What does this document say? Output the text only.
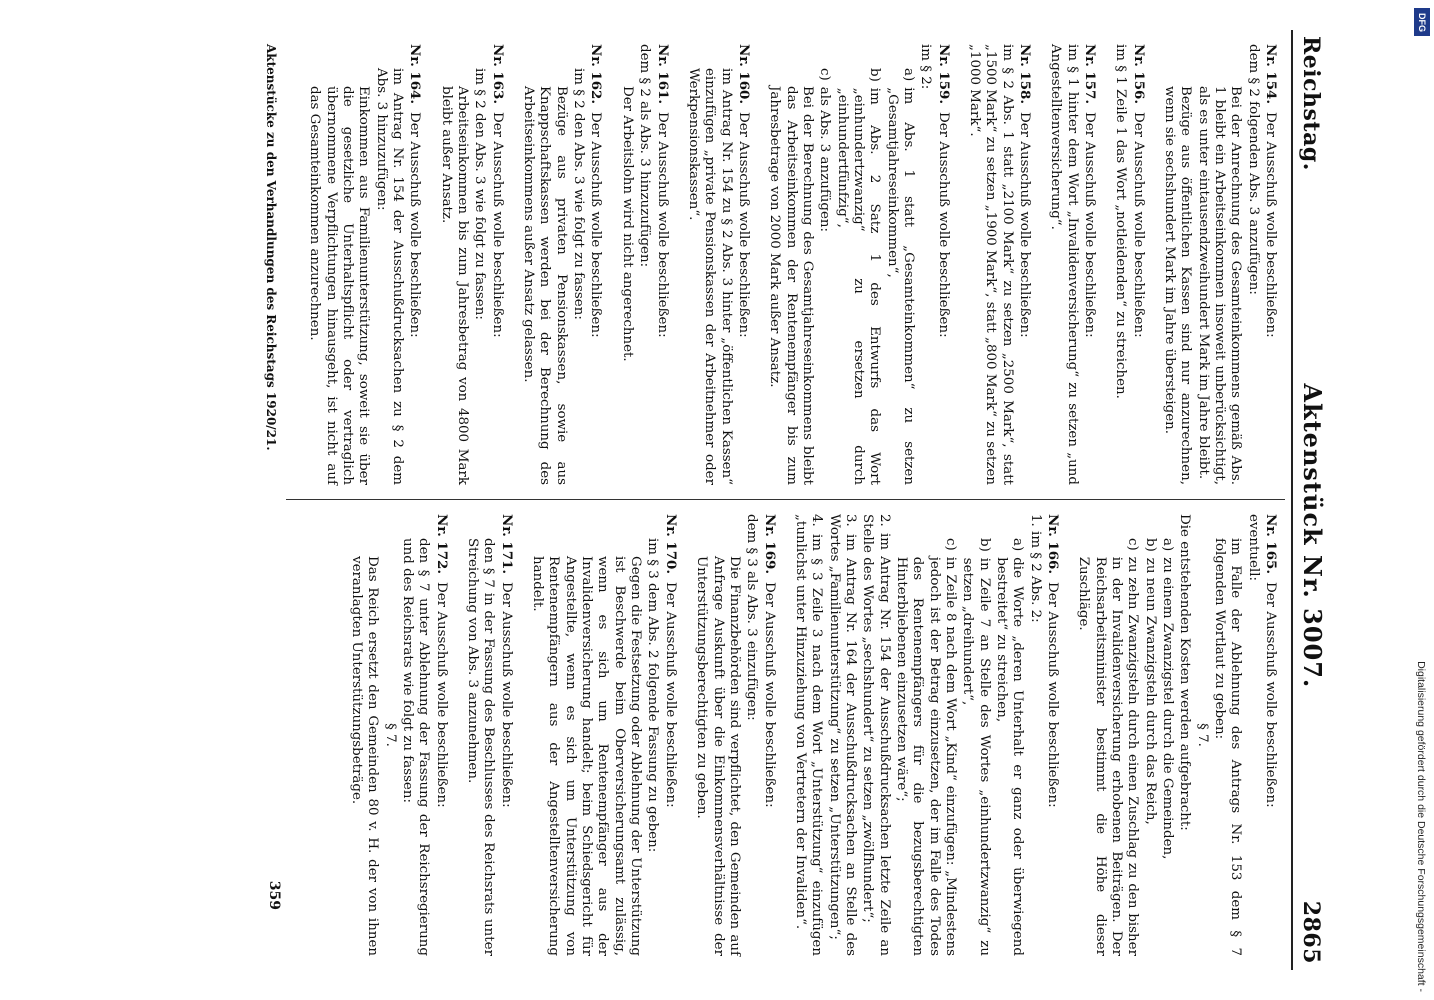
Reichstag.
Aktenstück Nr. 3007.
2865

Nr. 154.Der Ausschuß wolle beschließen:

dem § 2 folgenden Abs. 3 anzufügen:

Bei der Anrechnung des Gesamteinkommens gemäß Abs. 1 bleibt ein Arbeitseinkommen insoweit unberücksichtigt, als es unter eintausendzweihundert Mark im Jahre bleibt.

Bezüge aus öffentlichen Kassen sind nur anzurechnen, wenn sie sechshundert Mark im Jahre übersteigen.

Nr. 156.Der Ausschuß wolle beschließen:

im § 1 Zeile 1 das Wort „notleidenden“ zu streichen.

Nr. 157.Der Ausschuß wolle beschließen:

im § 1 hinter dem Wort „Invalidenversicherung“ zu setzen „und Angestelltenversicherung“.

Nr. 158.Der Ausschuß wolle beschließen:

im § 2 Abs. 1 statt „2100 Mark“ zu setzen „2500 Mark“, statt „1500 Mark“ zu setzen „1900 Mark“, statt „800 Mark“ zu setzen „1000 Mark“.

Nr. 159.Der Ausschuß wolle beschließen:

im § 2:

a)
im Abs. 1 statt „Gesamteinkommen“ zu setzen „Gesamtjahreseinkommen“,
b)
im Abs. 2 Satz 1 des Entwurfs das Wort „einhundertzwanzig“ zu ersetzen durch „einhundertfünfzig“,
c)
als Abs. 3 anzufügen:

Bei der Berechnung des Gesamtjahreseinkommens bleibt das Arbeitseinkommen der Rentenempfänger bis zum Jahresbetrage von 2000 Mark außer Ansatz.

Nr. 160.Der Ausschuß wolle beschließen:

im Antrag Nr. 154 zu § 2 Abs. 3 hinter „öffentlichen Kassen“ einzufügen „private Pensionskassen der Arbeitnehmer oder Werkpensionskassen“.

Nr. 161.Der Ausschuß wolle beschließen:

dem § 2 als Abs. 3 hinzuzufügen:

Der Arbeitslohn wird nicht angerechnet.

Nr. 162.Der Ausschuß wolle beschließen:

im § 2 den Abs. 3 wie folgt zu fassen:

Bezüge aus privaten Pensionskassen, sowie aus Knappschaftskassen werden bei der Berechnung des Arbeitseinkommens außer Ansatz gelassen.

Nr. 163.Der Ausschuß wolle beschließen:

im § 2 den Abs. 3 wie folgt zu fassen:

Arbeitseinkommen bis zum Jahresbetrag von 4800 Mark bleibt außer Ansatz.

Nr. 164.Der Ausschuß wolle beschließen:

im Antrag Nr. 154 der Ausschußdrucksachen zu § 2 dem Abs. 3 hinzuzufügen:

Einkommen aus Familienunterstützung, soweit sie über die gesetzliche Unterhaltspflicht oder vertraglich übernommene Verpflichtungen hinausgeht, ist nicht auf das Gesamteinkommen anzurechnen.

Nr. 165.Der Ausschuß wolle beschließen:

eventuell:

im Falle der Ablehnung des Antrags Nr. 153 dem § 7 folgenden Wortlaut zu geben:

§ 7.

Die entstehenden Kosten werden aufgebracht:

a)
zu einem Zwanzigstel durch die Gemeinden,
b)
zu neun Zwanzigsteln durch das Reich,
c)
zu zehn Zwanzigsteln durch einen Zuschlag zu den bisher in der Invalidenversicherung erhobenen Beiträgen. Der Reichsarbeitsminister bestimmt die Höhe dieser Zuschläge.

Nr. 166.Der Ausschuß wolle beschließen:

1. im § 2 Abs. 2:

a)
die Worte „deren Unterhalt er ganz oder überwiegend bestreitet“ zu streichen,
b)
in Zeile 7 an Stelle des Wortes „einhundertzwanzig“ zu setzen „dreihundert“,
c)
in Zeile 8 nach dem Wort „Kind“ einzufügen: „Mindestens jedoch ist der Betrag einzusetzen, der im Falle des Todes des Rentenempfängers für die bezugsberechtigten Hinterbliebenen einzusetzen wäre“;

2. im Antrag Nr. 154 der Ausschußdrucksachen letzte Zeile an Stelle des Wortes „sechshundert“ zu setzen „zwölfhundert“;

3. im Antrag Nr. 164 der Ausschußdrucksachen an Stelle des Wortes „Familienunterstützung“ zu setzen „Unterstützungen“;

4. im § 3 Zeile 3 nach dem Wort „Unterstützung“ einzufügen „tunlichst unter Hinzuziehung von Vertretern der Invaliden“.

Nr. 169.Der Ausschuß wolle beschließen:

dem § 3 als Abs. 3 einzufügen:

Die Finanzbehörden sind verpflichtet, den Gemeinden auf Anfrage Auskunft über die Einkommensverhältnisse der Unterstützungsberechtigten zu geben.

Nr. 170.Der Ausschuß wolle beschließen:

im § 3 dem Abs. 2 folgende Fassung zu geben:

Gegen die Festsetzung oder Ablehnung der Unterstützung ist Beschwerde beim Oberversicherungsamt zulässig, wenn es sich um Rentenempfänger aus der Invalidenversicherung handelt; beim Schiedsgericht für Angestellte, wenn es sich um Unterstützung von Rentenempfängern aus der Angestelltenversicherung handelt.

Nr. 171.Der Ausschuß wolle beschließen:

den § 7 in der Fassung des Beschlusses des Reichsrats unter Streichung von Abs. 3 anzunehmen.

Nr. 172.Der Ausschuß wolle beschließen:

den § 7 unter Ablehnung der Fassung der Reichsregierung und des Reichsrats wie folgt zu fassen:

§ 7.

Das Reich ersetzt den Gemeinden 80 v. H. der von ihnen veranlagten Unterstützungsbeträge.

Aktenstücke zu den Verhandlungen des Reichstags 1920/21.
359	Digitalisierung gefördert durch die Deutsche Forschungsgemeinschaft -
DFG
